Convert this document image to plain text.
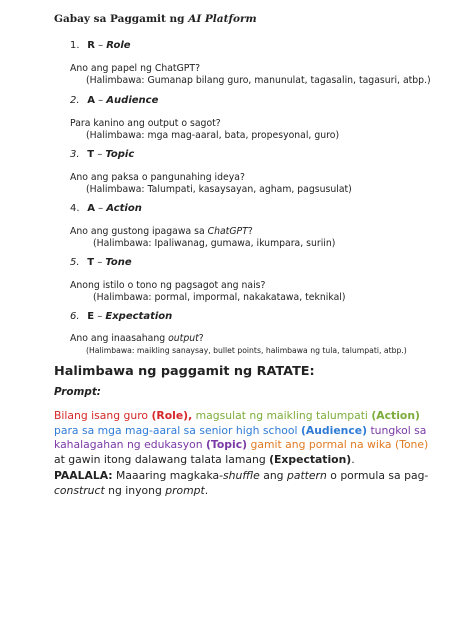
Gabay sa Paggamit ng AI Platform
1. R – Role
Ano ang papel ng ChatGPT?
(Halimbawa: Gumanap bilang guro, manunulat, tagasalin, tagasuri, atbp.)
2. A – Audience
Para kanino ang output o sagot?
(Halimbawa: mga mag-aaral, bata, propesyonal, guro)
3. T – Topic
Ano ang paksa o pangunahing ideya?
(Halimbawa: Talumpati, kasaysayan, agham, pagsusulat)
4. A – Action
Ano ang gustong ipagawa sa ChatGPT?
(Halimbawa: Ipaliwanag, gumawa, ikumpara, suriin)
5. T – Tone
Anong istilo o tono ng pagsagot ang nais?
(Halimbawa: pormal, impormal, nakakatawa, teknikal)
6. E – Expectation
Ano ang inaasahang output?
(Halimbawa: maikling sanaysay, bullet points, halimbawa ng tula, talumpati, atbp.)
Halimbawa ng paggamit ng RATATE:
Prompt:
Bilang isang guro (Role), magsulat ng maikling talumpati (Action) para sa mga mag-aaral sa senior high school (Audience) tungkol sa kahalagahan ng edukasyon (Topic) gamit ang pormal na wika (Tone) at gawin itong dalawang talata lamang (Expectation).
PAALALA: Maaaring magkaka-shuffle ang pattern o pormula sa pag-construct ng inyong prompt.
